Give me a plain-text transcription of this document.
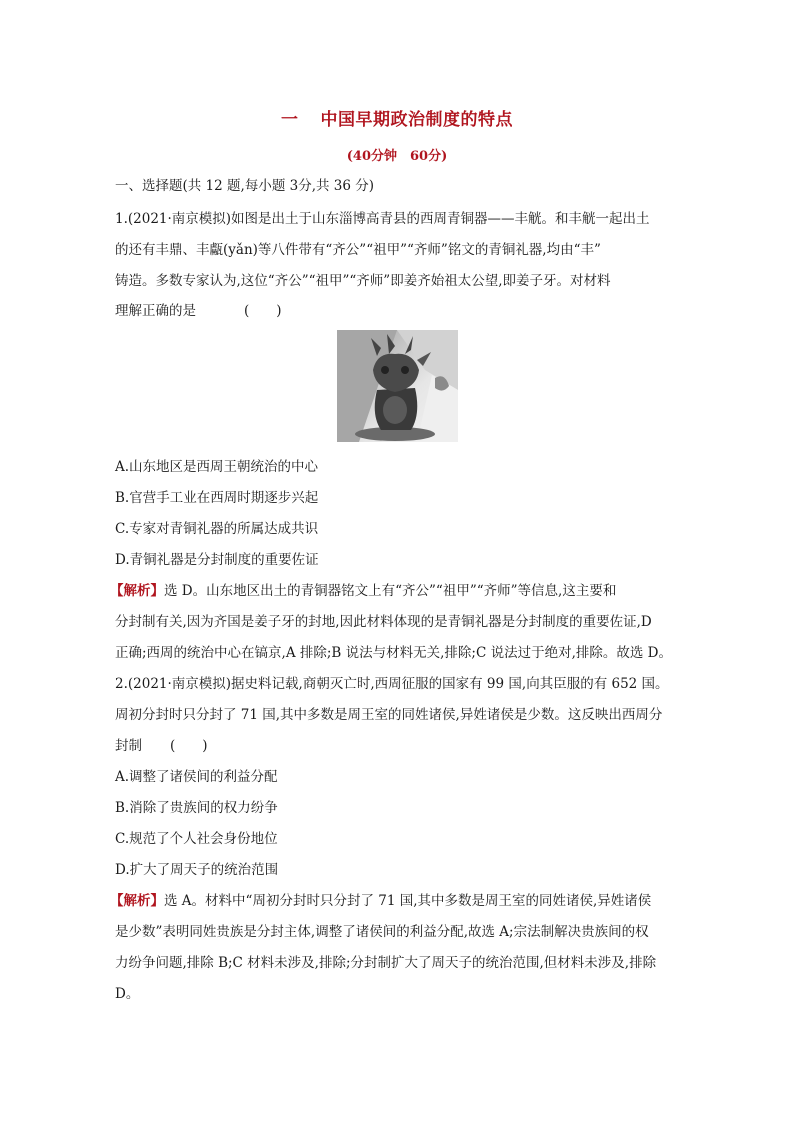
一 中国早期政治制度的特点
(40分钟　60分)
一、选择题(共 12 题,每小题 3分,共 36 分)
1.(2021·南京模拟)如图是出土于山东淄博高青县的西周青铜器——丰觥。和丰觥一起出土
的还有丰鼎、丰甗(yǎn)等八件带有“齐公”“祖甲”“齐师”铭文的青铜礼器,均由“丰”
铸造。多数专家认为,这位“齐公”“祖甲”“齐师”即姜齐始祖太公望,即姜子牙。对材料
理解正确的是	(　　)
A.山东地区是西周王朝统治的中心
B.官营手工业在西周时期逐步兴起
C.专家对青铜礼器的所属达成共识
D.青铜礼器是分封制度的重要佐证
【解析】选 D。山东地区出土的青铜器铭文上有“齐公”“祖甲”“齐师”等信息,这主要和
分封制有关,因为齐国是姜子牙的封地,因此材料体现的是青铜礼器是分封制度的重要佐证,D
正确;西周的统治中心在镐京,A 排除;B 说法与材料无关,排除;C 说法过于绝对,排除。故选 D。
2.(2021·南京模拟)据史料记载,商朝灭亡时,西周征服的国家有 99 国,向其臣服的有 652 国。
周初分封时只分封了 71 国,其中多数是周王室的同姓诸侯,异姓诸侯是少数。这反映出西周分
封制 (　　)
A.调整了诸侯间的利益分配
B.消除了贵族间的权力纷争
C.规范了个人社会身份地位
D.扩大了周天子的统治范围
【解析】选 A。材料中“周初分封时只分封了 71 国,其中多数是周王室的同姓诸侯,异姓诸侯
是少数”表明同姓贵族是分封主体,调整了诸侯间的利益分配,故选 A;宗法制解决贵族间的权
力纷争问题,排除 B;C 材料未涉及,排除;分封制扩大了周天子的统治范围,但材料未涉及,排除
D。
